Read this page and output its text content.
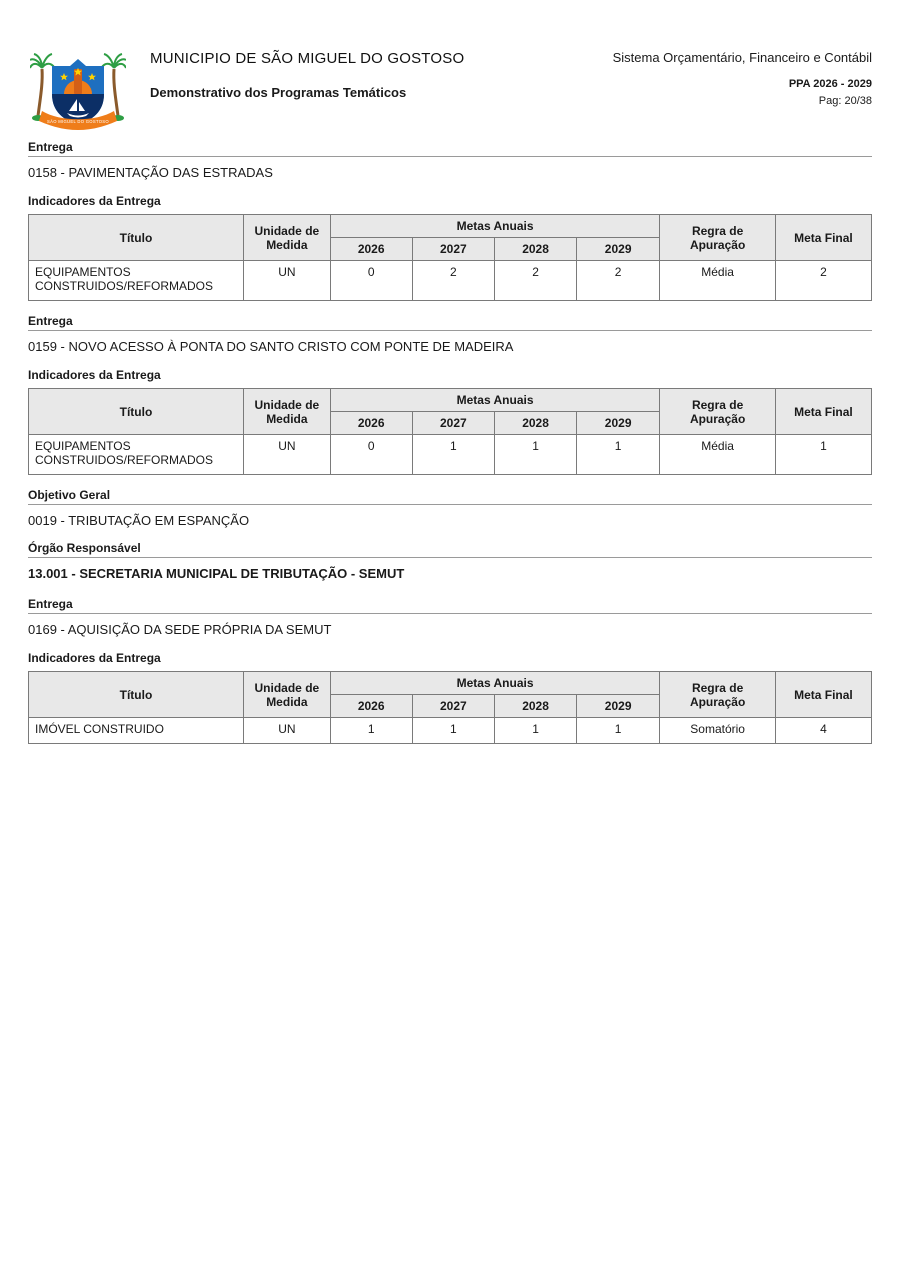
SÃO MIGUEL DO GOSTOSO
MUNICIPIO DE SÃO MIGUEL DO GOSTOSO
Demonstrativo dos Programas Temáticos
Sistema Orçamentário, Financeiro e Contábil
PPA 2026 - 2029
Pag: 20/38
Entrega
0158 - PAVIMENTAÇÃO DAS ESTRADAS
Indicadores da Entrega
Título	Unidade de Medida	Metas Anuais				Regra de Apuração	Meta Final
		2026	2027	2028	2029		
EQUIPAMENTOS CONSTRUIDOS/REFORMADOS	UN	0	2	2	2	Média	2
Entrega
0159 - NOVO ACESSO À PONTA DO SANTO CRISTO COM PONTE DE MADEIRA
Indicadores da Entrega
Título	Unidade de Medida	Metas Anuais				Regra de Apuração	Meta Final
		2026	2027	2028	2029		
EQUIPAMENTOS CONSTRUIDOS/REFORMADOS	UN	0	1	1	1	Média	1
Objetivo Geral
0019 - TRIBUTAÇÃO EM ESPANÇÃO
Órgão Responsável
13.001 - SECRETARIA MUNICIPAL DE TRIBUTAÇÃO - SEMUT
Entrega
0169 - AQUISIÇÃO DA SEDE PRÓPRIA DA SEMUT
Indicadores da Entrega
Título	Unidade de Medida	Metas Anuais				Regra de Apuração	Meta Final
		2026	2027	2028	2029		
IMÓVEL CONSTRUIDO	UN	1	1	1	1	Somatório	4
